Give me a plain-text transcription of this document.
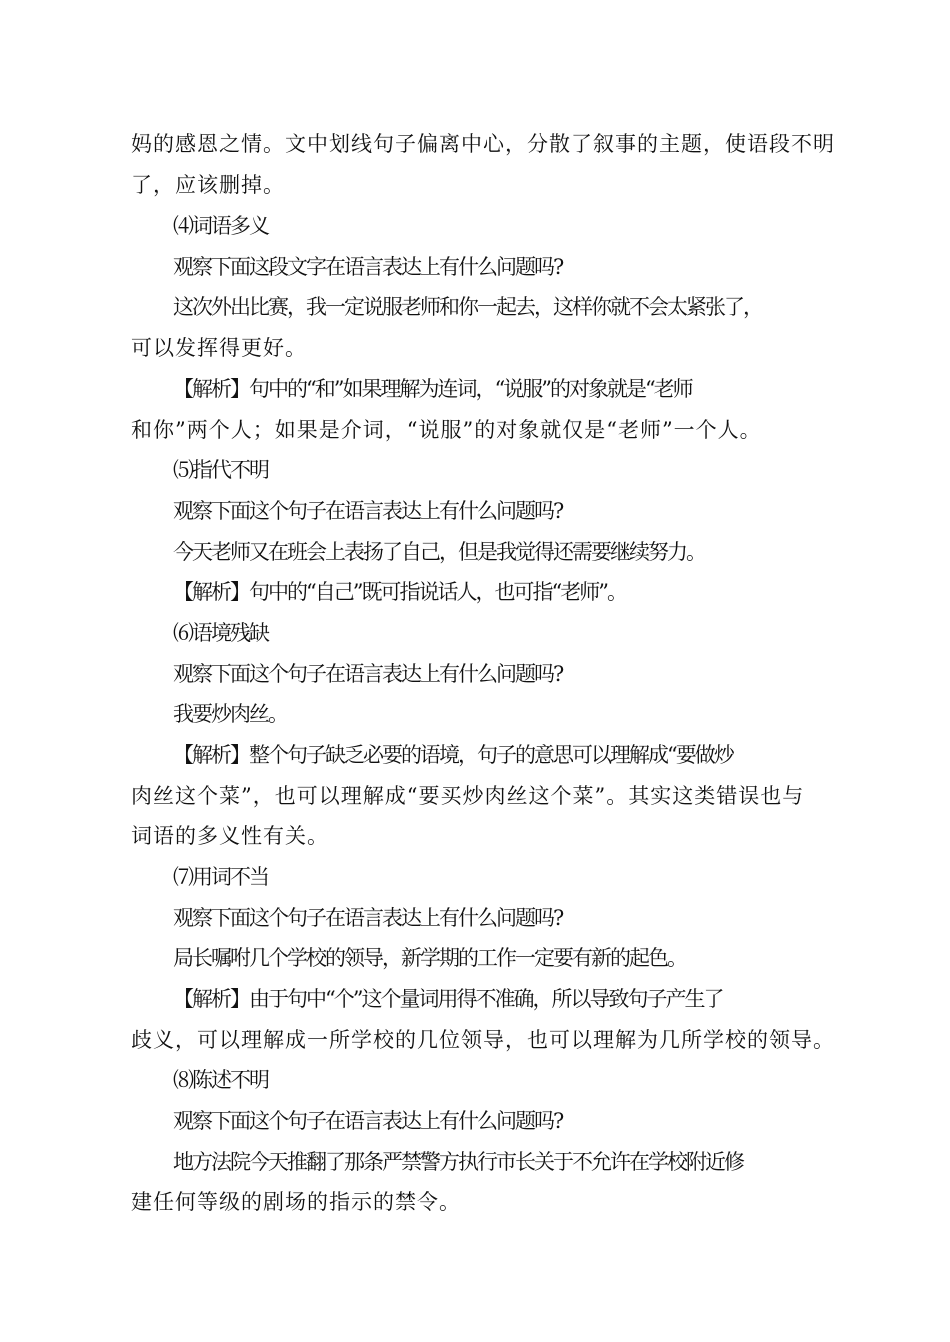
妈的感恩之情。文中划线句子偏离中心，分散了叙事的主题，使语段不明
了，应该删掉。
⑷词语多义
观察下面这段文字在语言表达上有什么问题吗?
这次外出比赛，我一定说服老师和你一起去，这样你就不会太紧张了，
可以发挥得更好。
【解析】句中的“和”如果理解为连词，“说服”的对象就是“老师
和你”两个人；如果是介词，“说服”的对象就仅是“老师”一个人。
⑸指代不明
观察下面这个句子在语言表达上有什么问题吗?
今天老师又在班会上表扬了自己，但是我觉得还需要继续努力。
【解析】句中的“自己”既可指说话人，也可指“老师”。
⑹语境残缺
观察下面这个句子在语言表达上有什么问题吗?
我要炒肉丝。
【解析】整个句子缺乏必要的语境，句子的意思可以理解成“要做炒
肉丝这个菜”，也可以理解成“要买炒肉丝这个菜”。其实这类错误也与
词语的多义性有关。
⑺用词不当
观察下面这个句子在语言表达上有什么问题吗?
局长嘱咐几个学校的领导，新学期的工作一定要有新的起色。
【解析】由于句中“个”这个量词用得不准确，所以导致句子产生了
歧义，可以理解成一所学校的几位领导，也可以理解为几所学校的领导。
⑻陈述不明
观察下面这个句子在语言表达上有什么问题吗?
地方法院今天推翻了那条严禁警方执行市长关于不允许在学校附近修
建任何等级的剧场的指示的禁令。
